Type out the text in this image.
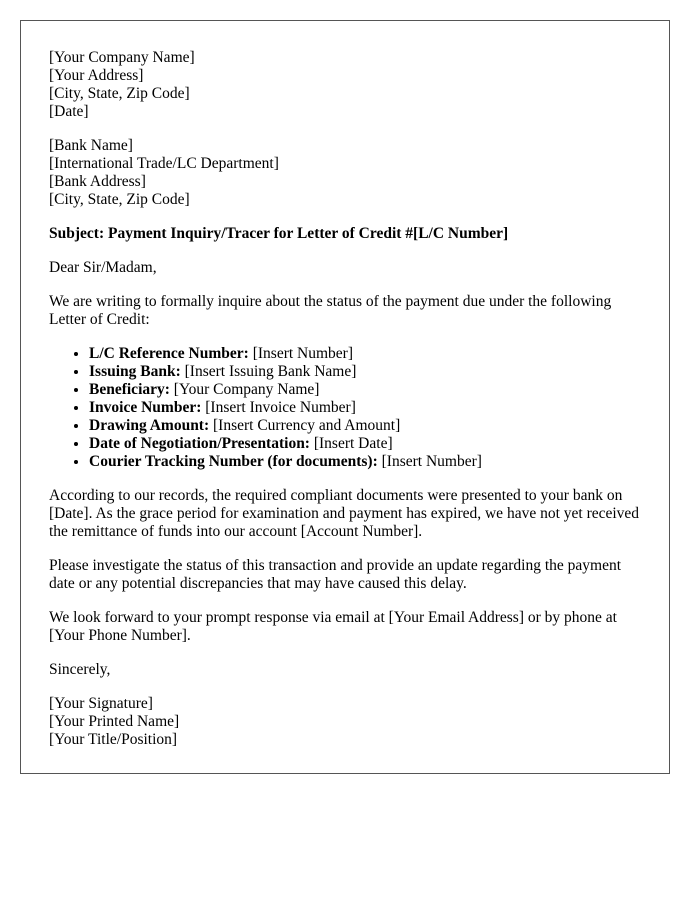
[Your Company Name]
[Your Address]
[City, State, Zip Code]
[Date]
[Bank Name]
[International Trade/LC Department]
[Bank Address]
[City, State, Zip Code]

Subject: Payment Inquiry/Tracer for Letter of Credit #[L/C Number]

Dear Sir/Madam,

We are writing to formally inquire about the status of the payment due under the following Letter of Credit:

• L/C Reference Number: [Insert Number]
• Issuing Bank: [Insert Issuing Bank Name]
• Beneficiary: [Your Company Name]
• Invoice Number: [Insert Invoice Number]
• Drawing Amount: [Insert Currency and Amount]
• Date of Negotiation/Presentation: [Insert Date]
• Courier Tracking Number (for documents): [Insert Number]

According to our records, the required compliant documents were presented to your bank on [Date]. As the grace period for examination and payment has expired, we have not yet received the remittance of funds into our account [Account Number].

Please investigate the status of this transaction and provide an update regarding the payment date or any potential discrepancies that may have caused this delay.

We look forward to your prompt response via email at [Your Email Address] or by phone at [Your Phone Number].

Sincerely,

[Your Signature]
[Your Printed Name]
[Your Title/Position]
